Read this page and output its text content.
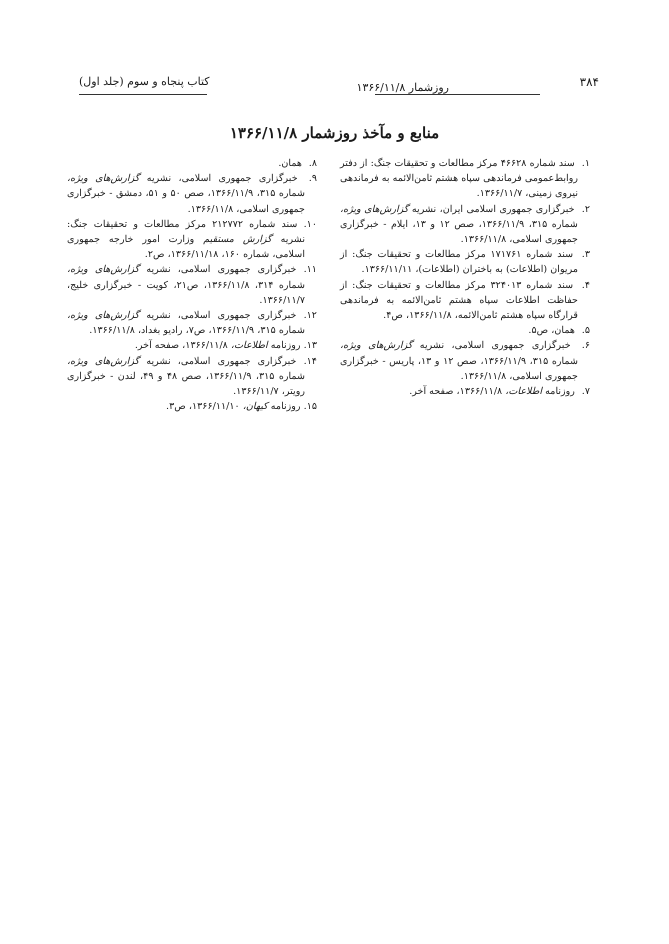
۳۸۴
روزشمار ۱۳۶۶/۱۱/۸
کتاب پنجاه و سوم (جلد اول)
منابع و مآخذ روزشمار ۱۳۶۶/۱۱/۸

۱. سند شماره ۴۶۶۲۸ مرکز مطالعات و تحقیقات جنگ: از دفتر روابط‌عمومی فرماندهی سپاه هشتم ثامن‌الائمه به فرماندهی نیروی زمینی، ۱۳۶۶/۱۱/۷.

۲. خبرگزاری جمهوری اسلامی ایران، نشریه گزارش‌های ویژه، شماره ۳۱۵، ۱۳۶۶/۱۱/۹، صص ۱۲ و ۱۳، ایلام - خبرگزاری جمهوری اسلامی، ۱۳۶۶/۱۱/۸.

۳. سند شماره ۱۷۱۷۶۱ مرکز مطالعات و تحقیقات جنگ: از مریوان (اطلاعات) به باختران (اطلاعات)، ۱۳۶۶/۱۱/۱۱.

۴. سند شماره ۳۲۴۰۱۳ مرکز مطالعات و تحقیقات جنگ: از حفاظت اطلاعات سپاه هشتم ثامن‌الائمه به فرماندهی قرارگاه سپاه هشتم ثامن‌الائمه، ۱۳۶۶/۱۱/۸، ص۴.

۵. همان، ص۵.

۶. خبرگزاری جمهوری اسلامی، نشریه گزارش‌های ویژه، شماره ۳۱۵، ۱۳۶۶/۱۱/۹، صص ۱۲ و ۱۳، پاریس - خبرگزاری جمهوری اسلامی، ۱۳۶۶/۱۱/۸.

۷. روزنامه اطلاعات، ۱۳۶۶/۱۱/۸، صفحه آخر.

۸. همان.

۹. خبرگزاری جمهوری اسلامی، نشریه گزارش‌های ویژه، شماره ۳۱۵، ۱۳۶۶/۱۱/۹، صص ۵۰ و ۵۱، دمشق - خبرگزاری جمهوری اسلامی، ۱۳۶۶/۱۱/۸.

۱۰. سند شماره ۲۱۲۷۷۲ مرکز مطالعات و تحقیقات جنگ: نشریه گزارش مستقیم وزارت امور خارجه جمهوری اسلامی، شماره ۱۶۰، ۱۳۶۶/۱۱/۱۸، ص۲.

۱۱. خبرگزاری جمهوری اسلامی، نشریه گزارش‌های ویژه، شماره ۳۱۴، ۱۳۶۶/۱۱/۸، ص۲۱، کویت - خبرگزاری خلیج، ۱۳۶۶/۱۱/۷.

۱۲. خبرگزاری جمهوری اسلامی، نشریه گزارش‌های ویژه، شماره ۳۱۵، ۱۳۶۶/۱۱/۹، ص۷، رادیو بغداد، ۱۳۶۶/۱۱/۸.

۱۳. روزنامه اطلاعات، ۱۳۶۶/۱۱/۸، صفحه آخر.

۱۴. خبرگزاری جمهوری اسلامی، نشریه گزارش‌های ویژه، شماره ۳۱۵، ۱۳۶۶/۱۱/۹، صص ۴۸ و ۴۹، لندن - خبرگزاری رویتر، ۱۳۶۶/۱۱/۷.

۱۵. روزنامه کیهان، ۱۳۶۶/۱۱/۱۰، ص۳.
